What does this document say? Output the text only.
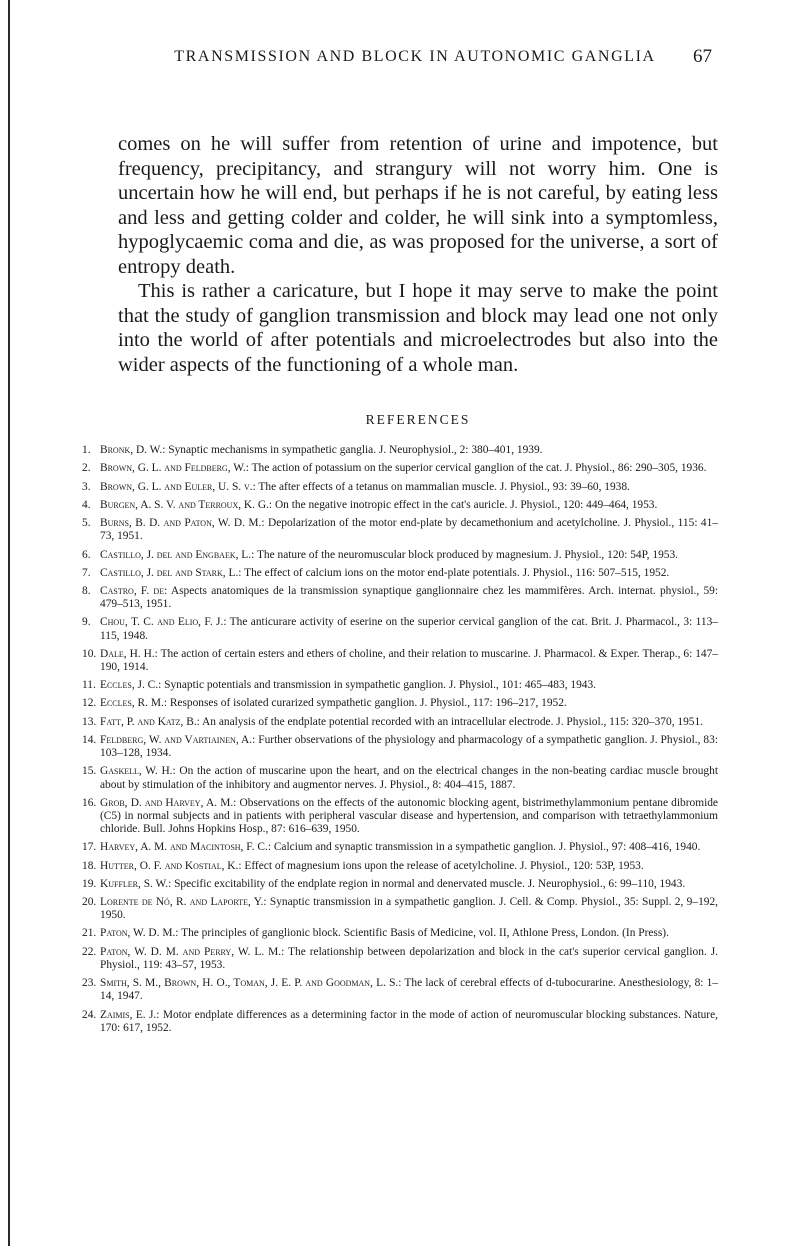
TRANSMISSION AND BLOCK IN AUTONOMIC GANGLIA	67

comes on he will suffer from retention of urine and impotence, but frequency, precipitancy, and strangury will not worry him. One is uncertain how he will end, but perhaps if he is not careful, by eating less and less and getting colder and colder, he will sink into a symptomless, hypoglycaemic coma and die, as was proposed for the universe, a sort of entropy death.

This is rather a caricature, but I hope it may serve to make the point that the study of ganglion transmission and block may lead one not only into the world of after potentials and microelectrodes but also into the wider aspects of the functioning of a whole man.

REFERENCES
1. Bronk, D. W.: Synaptic mechanisms in sympathetic ganglia. J. Neurophysiol., 2: 380–401, 1939.
2. Brown, G. L. and Feldberg, W.: The action of potassium on the superior cervical ganglion of the cat. J. Physiol., 86: 290–305, 1936.
3. Brown, G. L. and Euler, U. S. v.: The after effects of a tetanus on mammalian muscle. J. Physiol., 93: 39–60, 1938.
4. Burgen, A. S. V. and Terroux, K. G.: On the negative inotropic effect in the cat's auricle. J. Physiol., 120: 449–464, 1953.
5. Burns, B. D. and Paton, W. D. M.: Depolarization of the motor end-plate by decamethonium and acetylcholine. J. Physiol., 115: 41–73, 1951.
6. Castillo, J. del and Engbaek, L.: The nature of the neuromuscular block produced by magnesium. J. Physiol., 120: 54P, 1953.
7. Castillo, J. del and Stark, L.: The effect of calcium ions on the motor end-plate potentials. J. Physiol., 116: 507–515, 1952.
8. Castro, F. de: Aspects anatomiques de la transmission synaptique ganglionnaire chez les mammifères. Arch. internat. physiol., 59: 479–513, 1951.
9. Chou, T. C. and Elio, F. J.: The anticurare activity of eserine on the superior cervical ganglion of the cat. Brit. J. Pharmacol., 3: 113–115, 1948.
10. Dale, H. H.: The action of certain esters and ethers of choline, and their relation to muscarine. J. Pharmacol. & Exper. Therap., 6: 147–190, 1914.
11. Eccles, J. C.: Synaptic potentials and transmission in sympathetic ganglion. J. Physiol., 101: 465–483, 1943.
12. Eccles, R. M.: Responses of isolated curarized sympathetic ganglion. J. Physiol., 117: 196–217, 1952.
13. Fatt, P. and Katz, B.: An analysis of the endplate potential recorded with an intracellular electrode. J. Physiol., 115: 320–370, 1951.
14. Feldberg, W. and Vartiainen, A.: Further observations of the physiology and pharmacology of a sympathetic ganglion. J. Physiol., 83: 103–128, 1934.
15. Gaskell, W. H.: On the action of muscarine upon the heart, and on the electrical changes in the non-beating cardiac muscle brought about by stimulation of the inhibitory and augmentor nerves. J. Physiol., 8: 404–415, 1887.
16. Grob, D. and Harvey, A. M.: Observations on the effects of the autonomic blocking agent, bistrimethylammonium pentane dibromide (C5) in normal subjects and in patients with peripheral vascular disease and hypertension, and comparison with tetraethylammonium chloride. Bull. Johns Hopkins Hosp., 87: 616–639, 1950.
17. Harvey, A. M. and Macintosh, F. C.: Calcium and synaptic transmission in a sympathetic ganglion. J. Physiol., 97: 408–416, 1940.
18. Hutter, O. F. and Kostial, K.: Effect of magnesium ions upon the release of acetylcholine. J. Physiol., 120: 53P, 1953.
19. Kuffler, S. W.: Specific excitability of the endplate region in normal and denervated muscle. J. Neurophysiol., 6: 99–110, 1943.
20. Lorente de Nó, R. and Laporte, Y.: Synaptic transmission in a sympathetic ganglion. J. Cell. & Comp. Physiol., 35: Suppl. 2, 9–192, 1950.
21. Paton, W. D. M.: The principles of ganglionic block. Scientific Basis of Medicine, vol. II, Athlone Press, London. (In Press).
22. Paton, W. D. M. and Perry, W. L. M.: The relationship between depolarization and block in the cat's superior cervical ganglion. J. Physiol., 119: 43–57, 1953.
23. Smith, S. M., Brown, H. O., Toman, J. E. P. and Goodman, L. S.: The lack of cerebral effects of d-tubocurarine. Anesthesiology, 8: 1–14, 1947.
24. Zaimis, E. J.: Motor endplate differences as a determining factor in the mode of action of neuromuscular blocking substances. Nature, 170: 617, 1952.
